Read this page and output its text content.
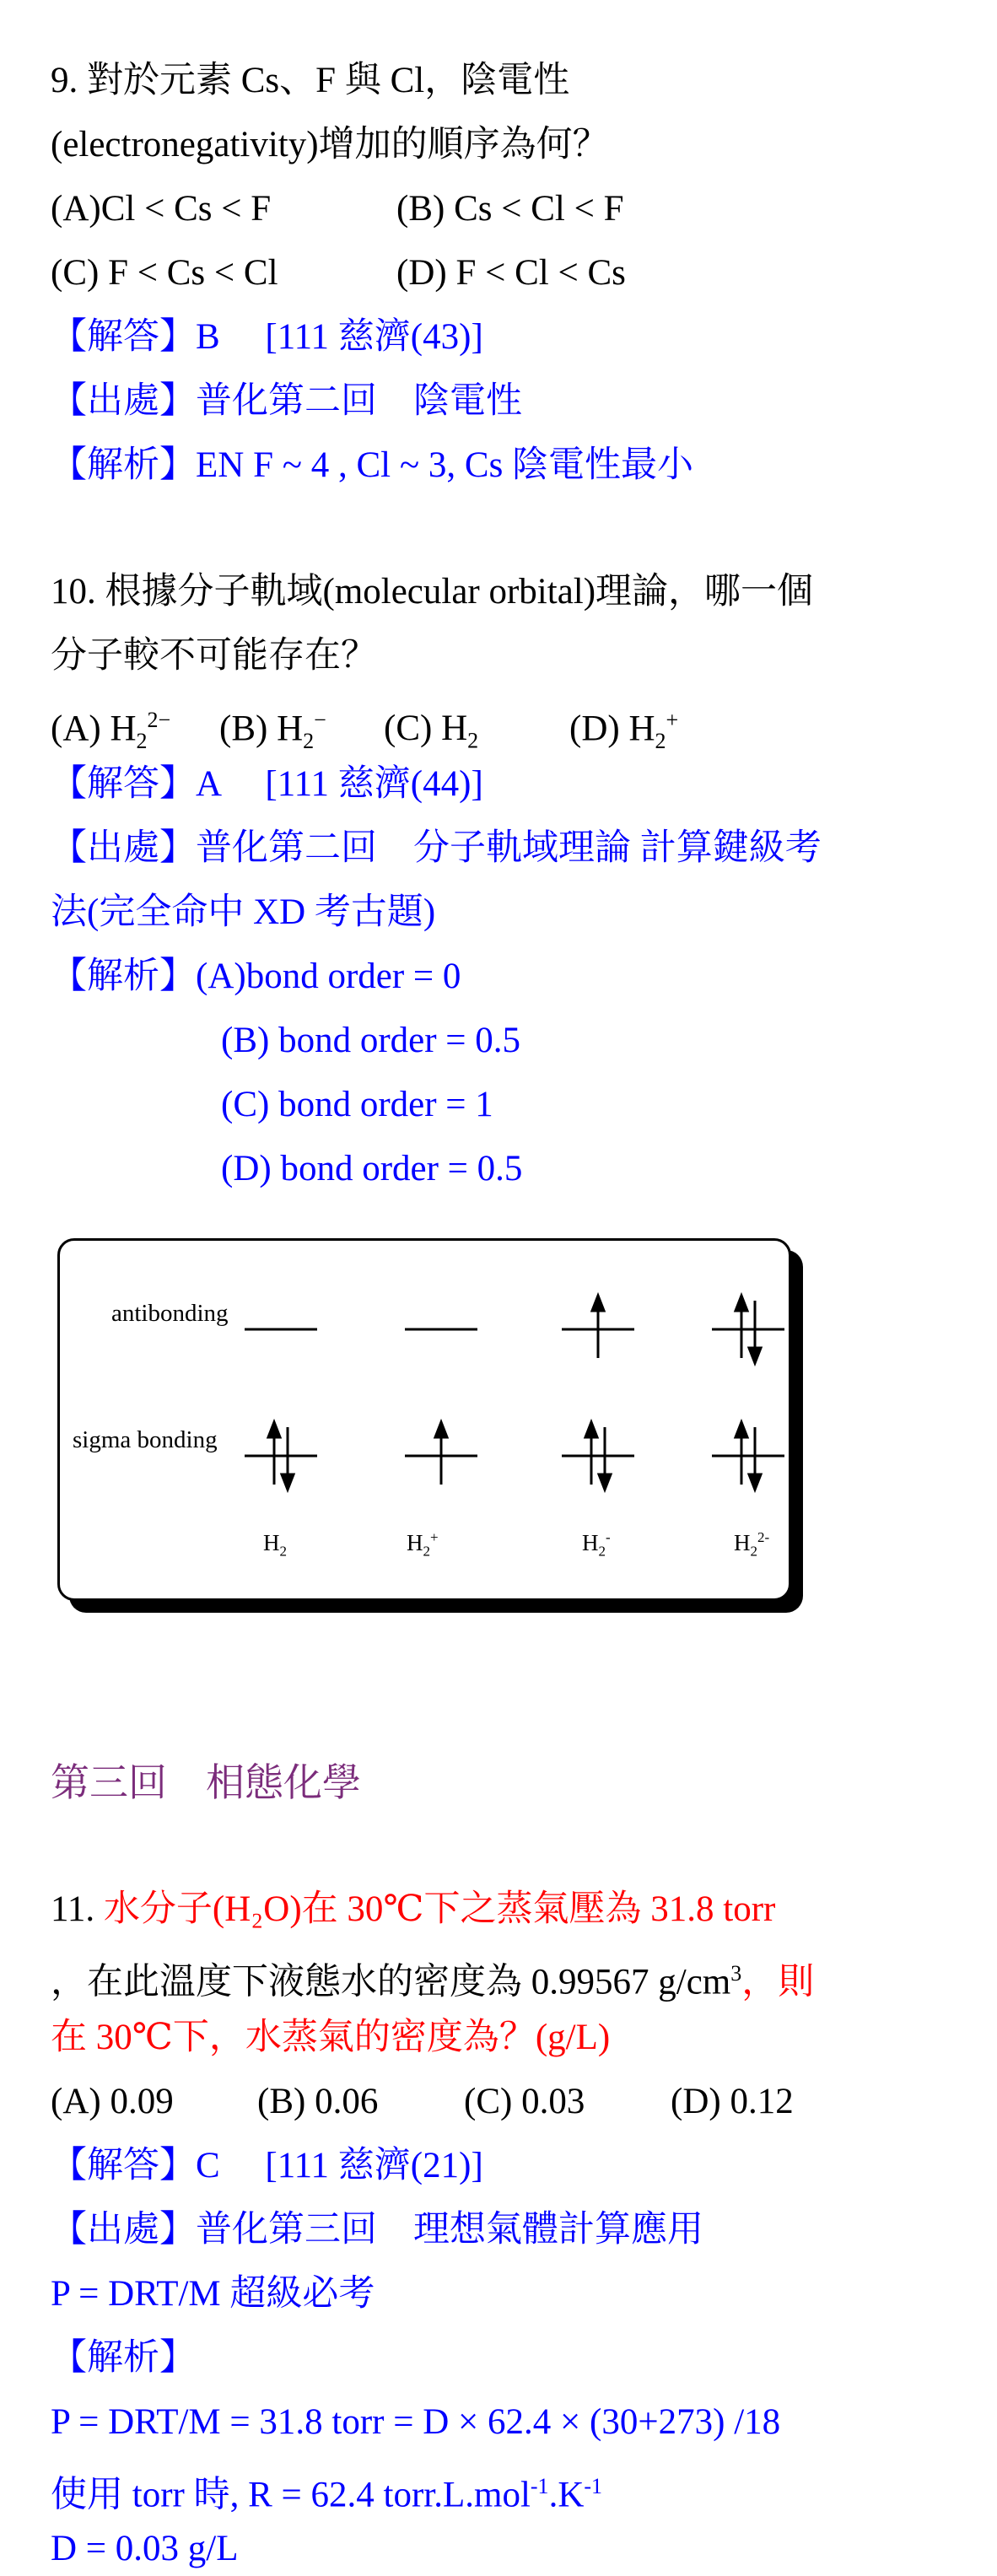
9. 對於元素 Cs、F 與 Cl，陰電性
(electronegativity)增加的順序為何？
(A)Cl < Cs < F	(B) Cs < Cl < F
(C) F < Cs < Cl	(D) F < Cl < Cs
【解答】B　 [111 慈濟(43)]
【出處】普化第二回　陰電性
【解析】EN F ~ 4 , Cl ~ 3, Cs 陰電性最小
10. 根據分子軌域(molecular orbital)理論，哪一個
分子較不可能存在？
(A) $H_2^{2-}$ (B) $H_2^-$ (C) $H_2$	(D) $H_2^+$
【解答】A　 [111 慈濟(44)]
【出處】普化第二回　分子軌域理論 計算鍵級考
法(完全命中 XD 考古題)
【解析】(A)bond order = 0
(B) bond order = 0.5
(C) bond order = 1
(D) bond order = 0.5
antibonding
sigma bonding
$H_2$	$H_2^+$	$H_2^-$	$H_2^{2-}$
第三回　相態化學
11. 水分子(H₂O)在 30℃下之蒸氣壓為 31.8 torr
，在此溫度下液態水的密度為 0.99567 $g/cm^3$，則
在 30℃下，水蒸氣的密度為？(g/L)
(A) 0.09 (B) 0.06 (C) 0.03 (D) 0.12
【解答】C　 [111 慈濟(21)]
【出處】普化第三回　理想氣體計算應用
P = DRT/M 超級必考
【解析】
P = DRT/M = 31.8 torr = D × 62.4 × (30+273) /18
使用 torr 時, R = 62.4 $torr.L.mol^{-1}.K^{-1}$
D = 0.03 g/L
